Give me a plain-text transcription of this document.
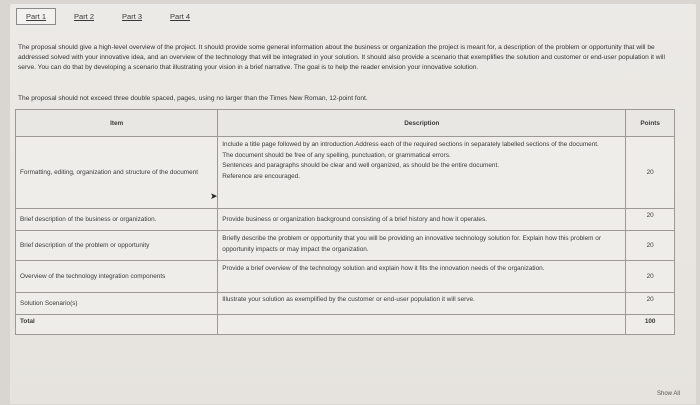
Part 1	Part 2	Part 3	Part 4
The proposal should give a high-level overview of the project. It should provide some general information about the business or organization the project is meant for, a description of the problem or opportunity that will be addressed solved with your innovative idea, and an overview of the technology that will be integrated in your solution. It should also provide a scenario that exemplifies the solution and customer or end-user population it will serve. You can do that by developing a scenario that illustrating your vision in a brief narrative. The goal is to help the reader envision your innovative solution.
The proposal should not exceed three double spaced, pages, using no larger than the Times New Roman, 12-point font.
Item	Description	Points
Formatting, editing, organization and structure of the document	Include a title page followed by an introduction.Address each of the required sections in separately labelled sections of the document.
The document should be free of any spelling, punctuation, or grammatical errors.
Sentences and paragraphs should be clear and well organized, as should be the entire document.
Reference are encouraged.	20
Brief description of the business or organization.	Provide business or organization background consisting of a brief history and how it operates.	20
Brief description of the problem or opportunity	Briefly describe the problem or opportunity that you will be providing an innovative technology solution for. Explain how this problem or opportunity impacts or may impact the organization.	20
Overview of the technology integration components	Provide a brief overview of the technology solution and explain how it fits the innovation needs of the organization.	20
Solution Scenario(s)	Illustrate your solution as exemplified by the customer or end-user population it will serve.	20
Total		100
➤
Show All
